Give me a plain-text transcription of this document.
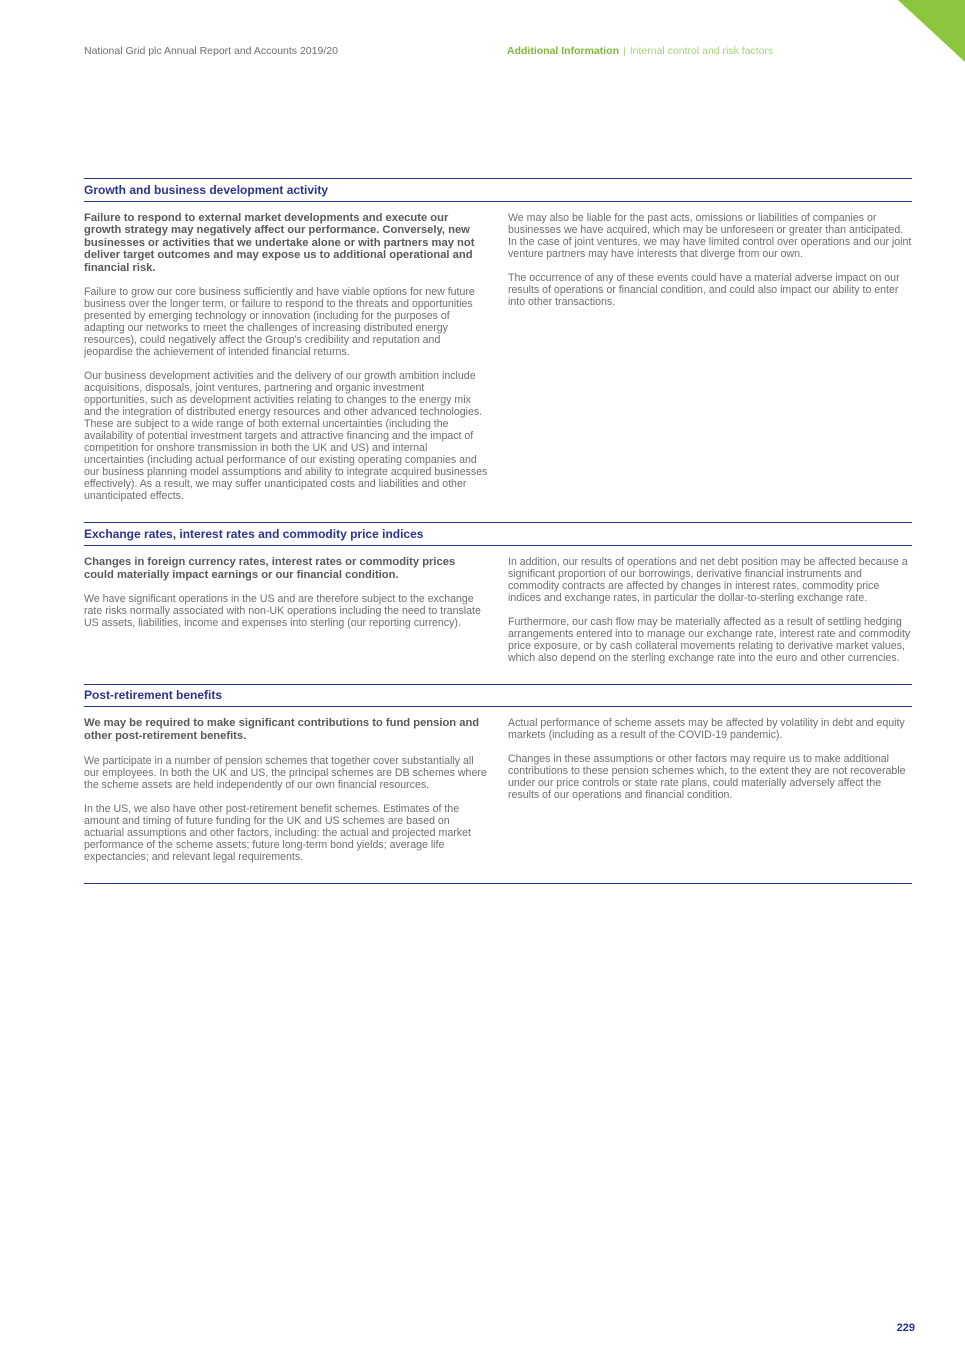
National Grid plc Annual Report and Accounts 2019/20	Additional Information | Internal control and risk factors
Growth and business development activity

Failure to respond to external market developments and execute our growth strategy may negatively affect our performance. Conversely, new businesses or activities that we undertake alone or with partners may not deliver target outcomes and may expose us to additional operational and financial risk.

Failure to grow our core business sufficiently and have viable options for new future business over the longer term, or failure to respond to the threats and opportunities presented by emerging technology or innovation (including for the purposes of adapting our networks to meet the challenges of increasing distributed energy resources), could negatively affect the Group's credibility and reputation and jeopardise the achievement of intended financial returns.

Our business development activities and the delivery of our growth ambition include acquisitions, disposals, joint ventures, partnering and organic investment opportunities, such as development activities relating to changes to the energy mix and the integration of distributed energy resources and other advanced technologies. These are subject to a wide range of both external uncertainties (including the availability of potential investment targets and attractive financing and the impact of competition for onshore transmission in both the UK and US) and internal uncertainties (including actual performance of our existing operating companies and our business planning model assumptions and ability to integrate acquired businesses effectively). As a result, we may suffer unanticipated costs and liabilities and other unanticipated effects.

We may also be liable for the past acts, omissions or liabilities of companies or businesses we have acquired, which may be unforeseen or greater than anticipated. In the case of joint ventures, we may have limited control over operations and our joint venture partners may have interests that diverge from our own.

The occurrence of any of these events could have a material adverse impact on our results of operations or financial condition, and could also impact our ability to enter into other transactions.

Exchange rates, interest rates and commodity price indices

Changes in foreign currency rates, interest rates or commodity prices could materially impact earnings or our financial condition.

We have significant operations in the US and are therefore subject to the exchange rate risks normally associated with non-UK operations including the need to translate US assets, liabilities, income and expenses into sterling (our reporting currency).

In addition, our results of operations and net debt position may be affected because a significant proportion of our borrowings, derivative financial instruments and commodity contracts are affected by changes in interest rates, commodity price indices and exchange rates, in particular the dollar-to-sterling exchange rate.

Furthermore, our cash flow may be materially affected as a result of settling hedging arrangements entered into to manage our exchange rate, interest rate and commodity price exposure, or by cash collateral movements relating to derivative market values, which also depend on the sterling exchange rate into the euro and other currencies.

Post-retirement benefits

We may be required to make significant contributions to fund pension and other post-retirement benefits.

We participate in a number of pension schemes that together cover substantially all our employees. In both the UK and US, the principal schemes are DB schemes where the scheme assets are held independently of our own financial resources.

In the US, we also have other post-retirement benefit schemes. Estimates of the amount and timing of future funding for the UK and US schemes are based on actuarial assumptions and other factors, including: the actual and projected market performance of the scheme assets; future long-term bond yields; average life expectancies; and relevant legal requirements.

Actual performance of scheme assets may be affected by volatility in debt and equity markets (including as a result of the COVID-19 pandemic).

Changes in these assumptions or other factors may require us to make additional contributions to these pension schemes which, to the extent they are not recoverable under our price controls or state rate plans, could materially adversely affect the results of our operations and financial condition.

229
